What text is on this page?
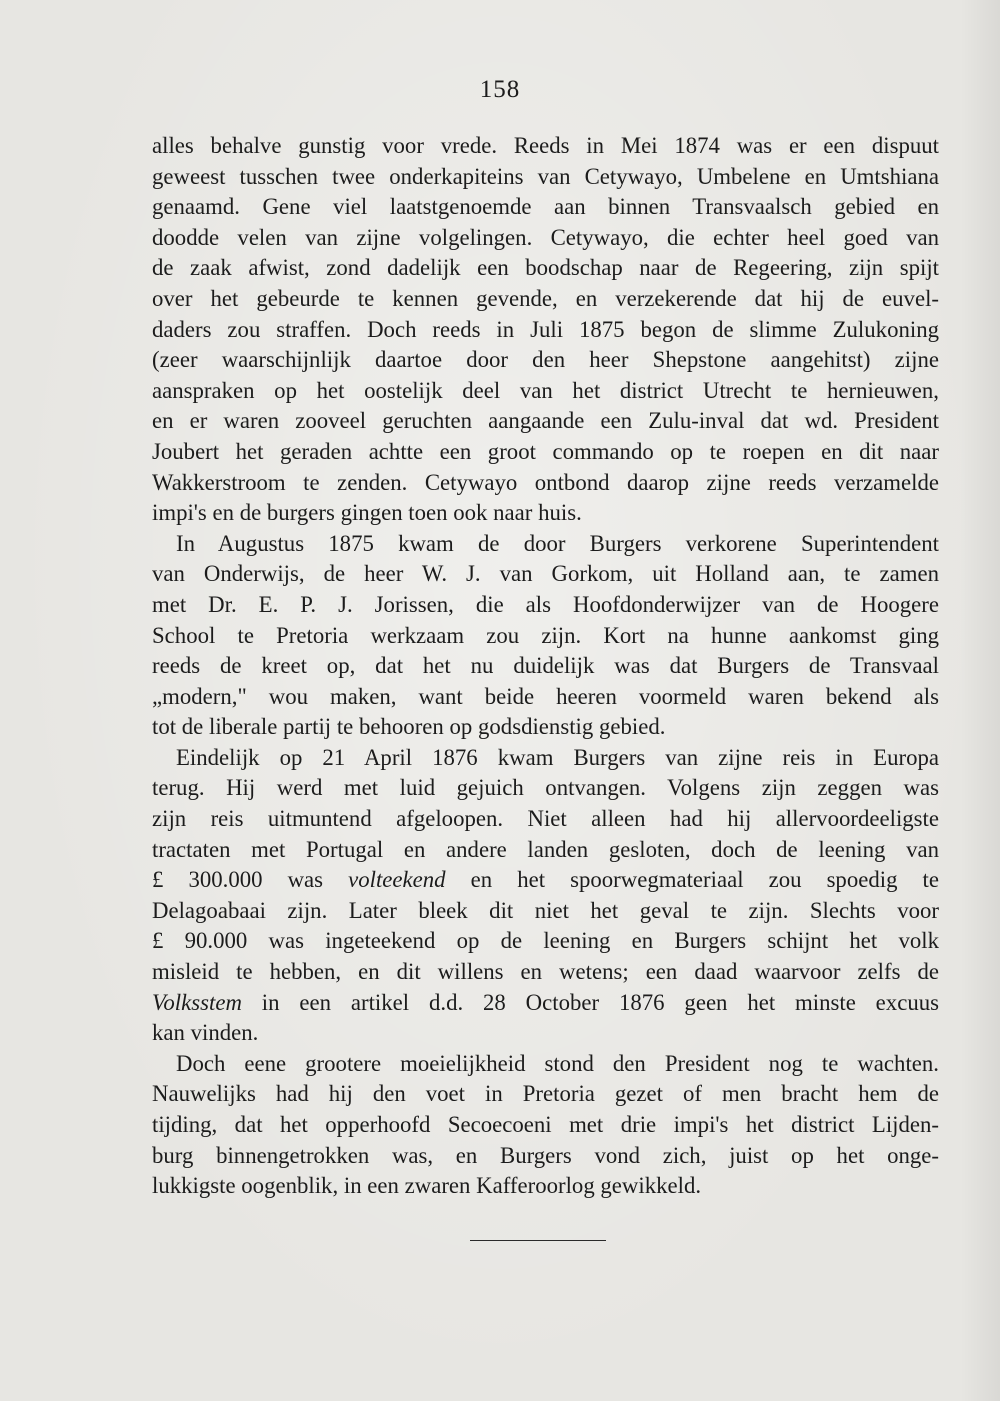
158
alles behalve gunstig voor vrede. Reeds in Mei 1874 was er een dispuut
geweest tusschen twee onderkapiteins van Cetywayo, Umbelene en Umtshiana
genaamd. Gene viel laatstgenoemde aan binnen Transvaalsch gebied en
doodde velen van zijne volgelingen. Cetywayo, die echter heel goed van
de zaak afwist, zond dadelijk een boodschap naar de Regeering, zijn spijt
over het gebeurde te kennen gevende, en verzekerende dat hij de euvel-
daders zou straffen. Doch reeds in Juli 1875 begon de slimme Zulukoning
(zeer waarschijnlijk daartoe door den heer Shepstone aangehitst) zijne
aanspraken op het oostelijk deel van het district Utrecht te hernieuwen,
en er waren zooveel geruchten aangaande een Zulu-inval dat wd. President
Joubert het geraden achtte een groot commando op te roepen en dit naar
Wakkerstroom te zenden. Cetywayo ontbond daarop zijne reeds verzamelde
impi's en de burgers gingen toen ook naar huis.
In Augustus 1875 kwam de door Burgers verkorene Superintendent
van Onderwijs, de heer W. J. van Gorkom, uit Holland aan, te zamen
met Dr. E. P. J. Jorissen, die als Hoofdonderwijzer van de Hoogere
School te Pretoria werkzaam zou zijn. Kort na hunne aankomst ging
reeds de kreet op, dat het nu duidelijk was dat Burgers de Transvaal
„modern," wou maken, want beide heeren voormeld waren bekend als
tot de liberale partij te behooren op godsdienstig gebied.
Eindelijk op 21 April 1876 kwam Burgers van zijne reis in Europa
terug. Hij werd met luid gejuich ontvangen. Volgens zijn zeggen was
zijn reis uitmuntend afgeloopen. Niet alleen had hij allervoordeeligste
tractaten met Portugal en andere landen gesloten, doch de leening van
£ 300.000 was volteekend en het spoorwegmateriaal zou spoedig te
Delagoabaai zijn. Later bleek dit niet het geval te zijn. Slechts voor
£ 90.000 was ingeteekend op de leening en Burgers schijnt het volk
misleid te hebben, en dit willens en wetens; een daad waarvoor zelfs de
Volksstem in een artikel d.d. 28 October 1876 geen het minste excuus
kan vinden.
Doch eene grootere moeielijkheid stond den President nog te wachten.
Nauwelijks had hij den voet in Pretoria gezet of men bracht hem de
tijding, dat het opperhoofd Secoecoeni met drie impi's het district Lijden-
burg binnengetrokken was, en Burgers vond zich, juist op het onge-
lukkigste oogenblik, in een zwaren Kafferoorlog gewikkeld.
